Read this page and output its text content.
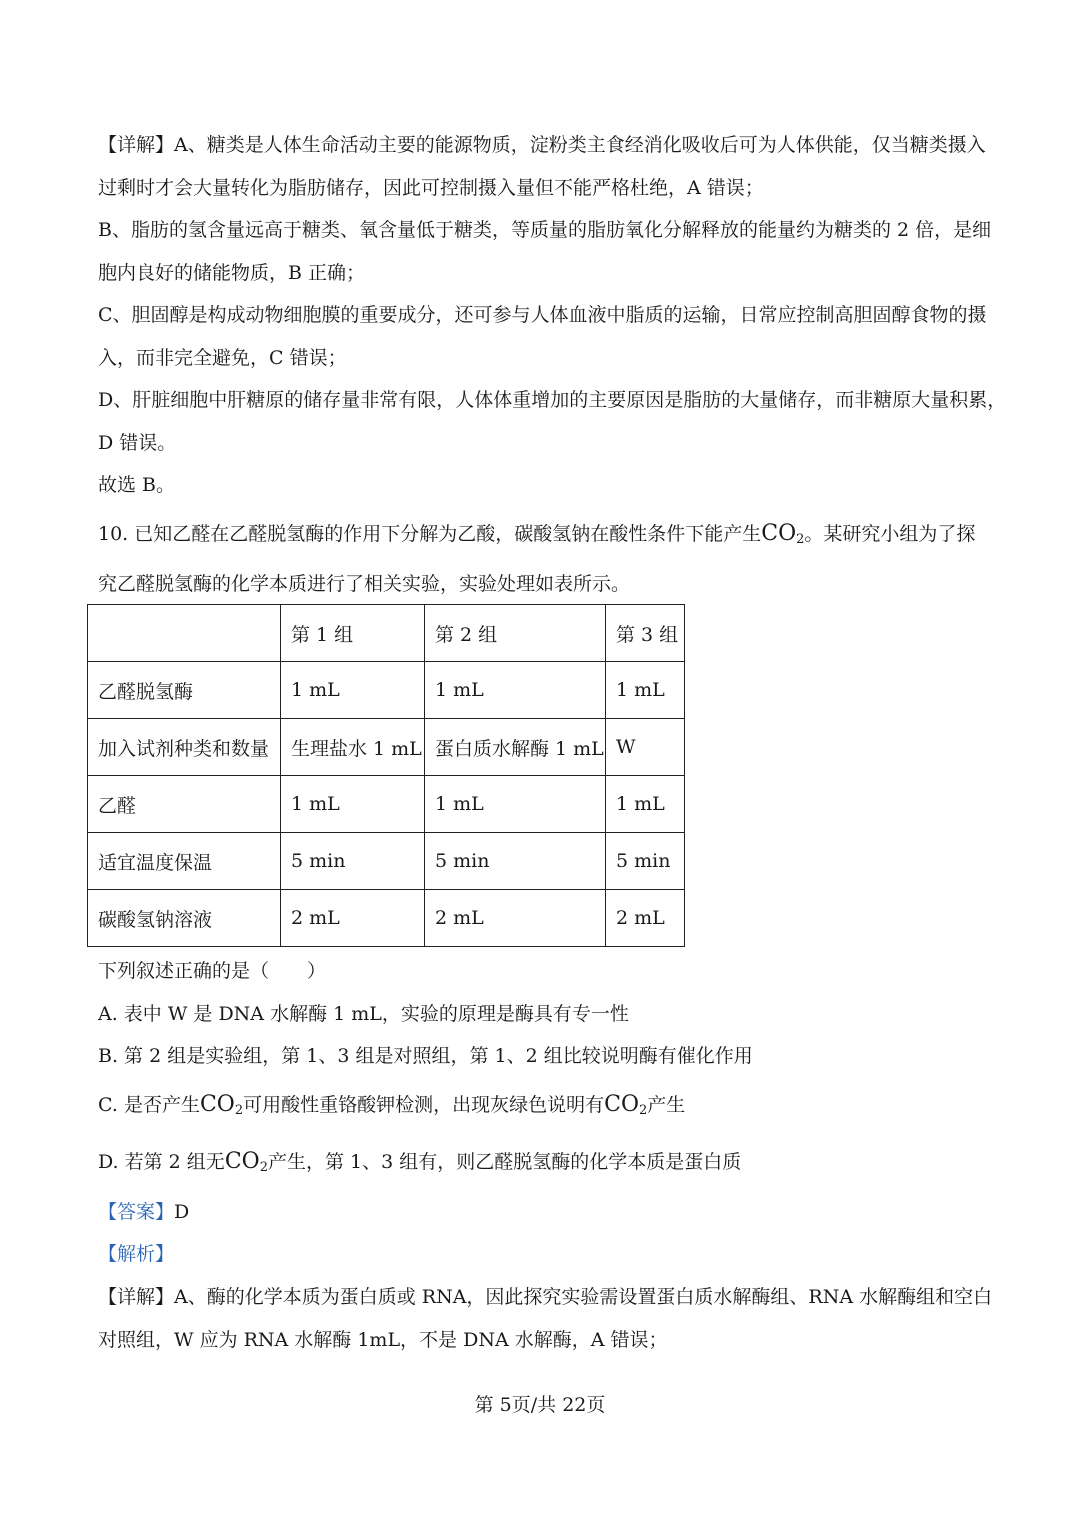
【详解】A、糖类是人体生命活动主要的能源物质，淀粉类主食经消化吸收后可为人体供能，仅当糖类摄入
过剩时才会大量转化为脂肪储存，因此可控制摄入量但不能严格杜绝，A 错误；
B、脂肪的氢含量远高于糖类、氧含量低于糖类，等质量的脂肪氧化分解释放的能量约为糖类的 2 倍，是细
胞内良好的储能物质，B 正确；
C、胆固醇是构成动物细胞膜的重要成分，还可参与人体血液中脂质的运输，日常应控制高胆固醇食物的摄
入，而非完全避免，C 错误；
D、肝脏细胞中肝糖原的储存量非常有限，人体体重增加的主要原因是脂肪的大量储存，而非糖原大量积累，
D 错误。
故选 B。
10. 已知乙醛在乙醛脱氢酶的作用下分解为乙酸，碳酸氢钠在酸性条件下能产生$CO_2$。某研究小组为了探
究乙醛脱氢酶的化学本质进行了相关实验，实验处理如表所示。
	第 1 组	第 2 组	第 3 组
乙醛脱氢酶	1 mL	1 mL	1 mL
加入试剂种类和数量	生理盐水 1 mL	蛋白质水解酶 1 mL	W
乙醛	1 mL	1 mL	1 mL
适宜温度保温	5 min	5 min	5 min
碳酸氢钠溶液	2 mL	2 mL	2 mL
下列叙述正确的是（　　）
A. 表中 W 是 DNA 水解酶 1 mL，实验的原理是酶具有专一性
B. 第 2 组是实验组，第 1、3 组是对照组，第 1、2 组比较说明酶有催化作用
C. 是否产生$CO_2$可用酸性重铬酸钾检测，出现灰绿色说明有$CO_2$产生
D. 若第 2 组无$CO_2$产生，第 1、3 组有，则乙醛脱氢酶的化学本质是蛋白质
【答案】D
【解析】
【详解】A、酶的化学本质为蛋白质或 RNA，因此探究实验需设置蛋白质水解酶组、RNA 水解酶组和空白
对照组，W 应为 RNA 水解酶 1mL，不是 DNA 水解酶，A 错误；
第 5页/共 22页
